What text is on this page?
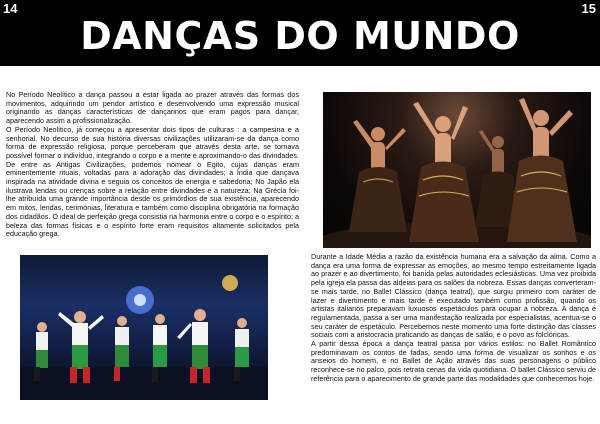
14	15
DANÇAS DO MUNDO

No Período Neolítico a dança passou a estar ligada ao prazer através das formas dos movimentos, adquirindo um pendor artístico e desenvolvendo uma expressão musical originando as danças características de dançarinos que eram pagos para dançar, aparecendo assim a profissionalização.

O Período Neolítico, já começou a apresentar dois tipos de culturas : a campesina e a senhorial. No decurso de sua história diversas civilizações utilizaram-se da dança como forma de expressão religiosa, porque perceberam que através desta arte, se tornava possível formar o indivíduo, integrando o corpo e a mente e aproximando-o das divindades. De entre as Antigas Civilizações, podemos nomear o Egito, cujas danças eram eminentemente rituais, voltadas para a adoração das divindades; a Índia que dançava inspirada na atividade divina e seguia os conceitos de energia e sabedoria; No Japão ela ilustrava lendas ou crenças sobre a relação entre divindades e a natureza; Na Grécia foi-lhe atribuída uma grande importância desde os primórdios de sua existência, aparecendo em mitos, lendas, cerimónias, literatura e também como disciplina obrigatória na formação dos cidadãos. O ideal de perfeição grega consistia na harmonia entre o corpo e o espírito; a beleza das formas físicas e o espírito forte eram requisitos altamente solicitados pela educação grega.

Durante a Idade Média a razão da existência humana era a salvação da alma. Como a dança era uma forma de expressar as emoções, ao mesmo tempo estreitamente ligada ao prazer e ao divertimento, foi banida pelas autoridades eclesiásticas. Uma vez proibida pela igreja ela passa das aldeias para os salões da nobreza. Essas danças converteram-se mais tarde, no Ballet Clássico (dança teatral), que surgiu primeiro com caráter de lazer e divertimento e mais tarde é executado também como profissão, quando os artistas italianos preparavam luxuosos espetáculos para ocupar a nobreza. A dança é regulamentada, passa a ser uma manifestação realizada por especialistas, acentua-se o seu caráter de espetáculo. Percebemos neste momento uma forte distinção das classes sociais com a aristocracia praticando as danças de salão, e o povo as folclóricas.

A partir dessa época a dança teatral passa por vários estilos: no Ballet Romântico predominavam os contos de fadas, sendo uma forma de visualizar os sonhos e os anseios do homem, e no Ballet de Ação através das suas personagens o público reconhece-se no palco, pois retrata cenas da vida quotidiana. O ballet Clássico serviu de referência para o aparecimento de grande parte das modalidades que conhecemos hoje.
